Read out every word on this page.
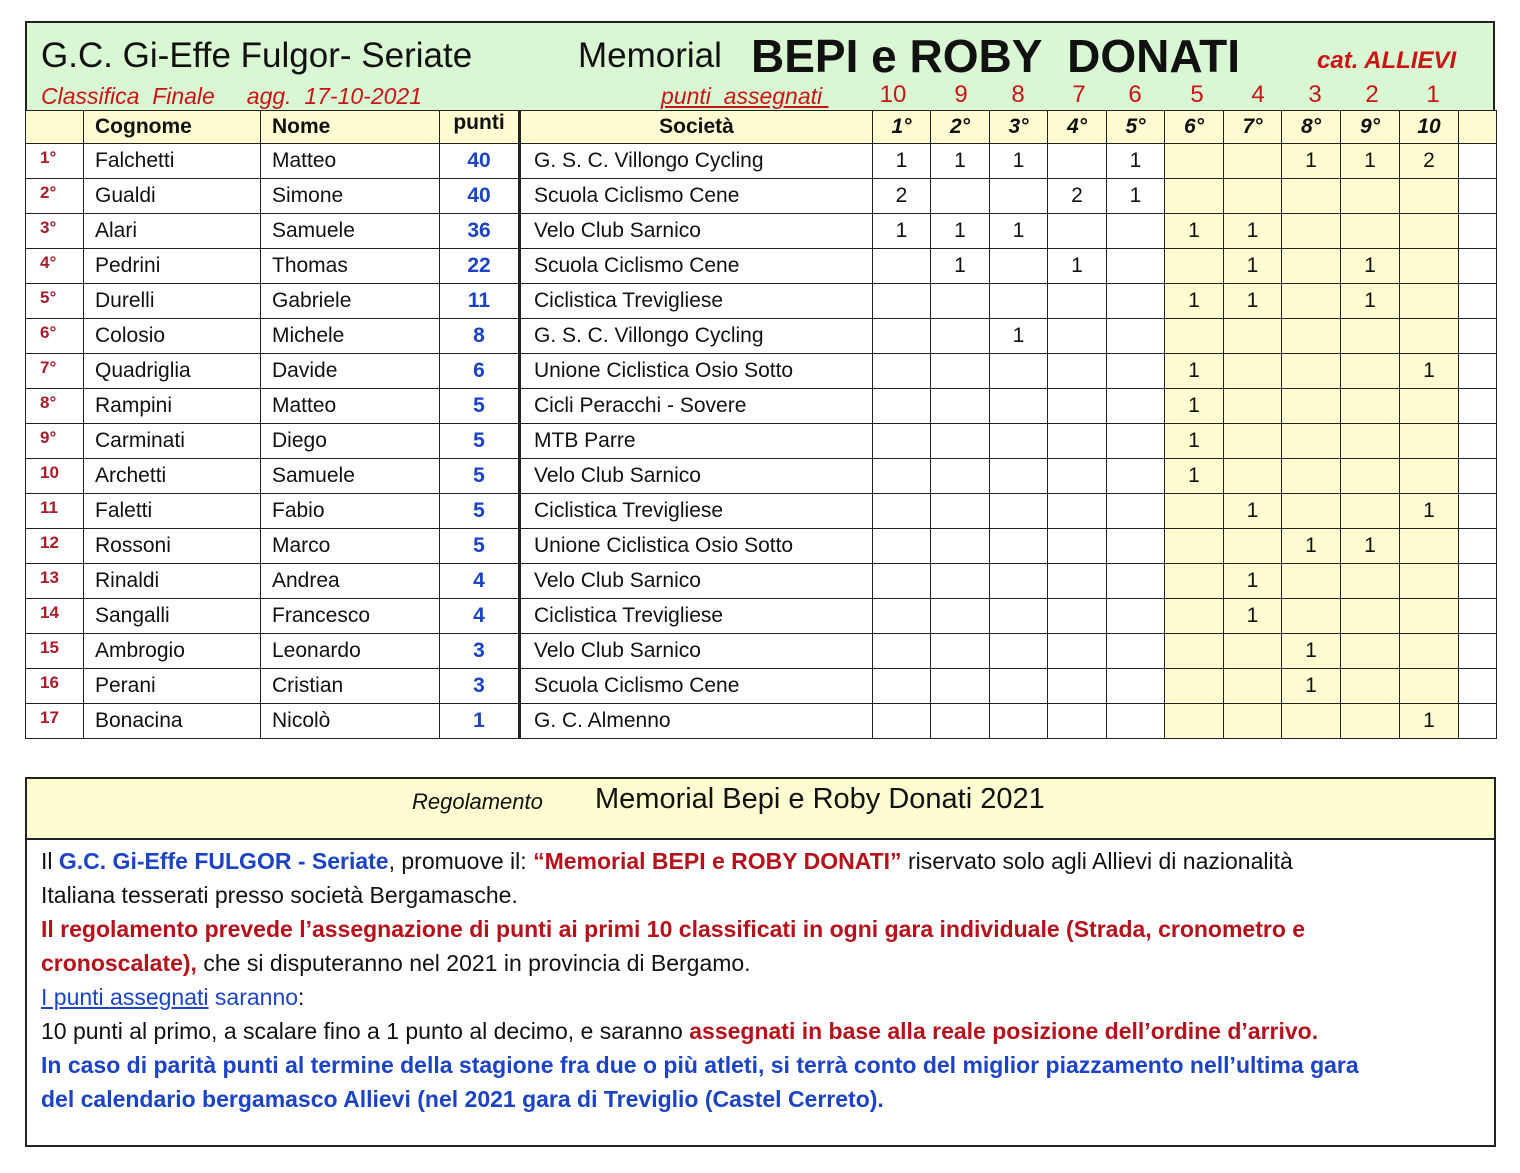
G.C. Gi-Effe Fulgor- Seriate	Memorial BEPI e ROBY  DONATI	cat. ALLIEVI
Classifica  Finale     agg.  17-10-2021	punti  assegnati 10	9	8	7	6	5	4	3	2	1
	Cognome	Nome	punti	Società	1°	2°	3°	4°	5°	6°	7°	8°	9°	10	
1°	Falchetti	Matteo	40	G. S. C. Villongo Cycling	1	1	1		1			1	1	2	
2°	Gualdi	Simone	40	Scuola Ciclismo Cene	2			2	1						
3°	Alari	Samuele	36	Velo Club Sarnico	1	1	1			1	1				
4°	Pedrini	Thomas	22	Scuola Ciclismo Cene		1		1			1		1		
5°	Durelli	Gabriele	11	Ciclistica Trevigliese						1	1		1		
6°	Colosio	Michele	8	G. S. C. Villongo Cycling			1								
7°	Quadriglia	Davide	6	Unione Ciclistica Osio Sotto						1				1	
8°	Rampini	Matteo	5	Cicli Peracchi - Sovere						1					
9°	Carminati	Diego	5	MTB Parre						1					
10	Archetti	Samuele	5	Velo Club Sarnico						1					
11	Faletti	Fabio	5	Ciclistica Trevigliese							1			1	
12	Rossoni	Marco	5	Unione Ciclistica Osio Sotto								1	1		
13	Rinaldi	Andrea	4	Velo Club Sarnico							1				
14	Sangalli	Francesco	4	Ciclistica Trevigliese							1				
15	Ambrogio	Leonardo	3	Velo Club Sarnico								1			
16	Perani	Cristian	3	Scuola Ciclismo Cene								1			
17	Bonacina	Nicolò	1	G. C. Almenno										1	
Regolamento Memorial Bepi e Roby Donati 2021
Il G.C. Gi-Effe FULGOR - Seriate, promuove il: “Memorial BEPI e ROBY DONATI” riservato solo agli Allievi di nazionalità
Italiana tesserati presso società Bergamasche.
Il regolamento prevede l’assegnazione di punti ai primi 10 classificati in ogni gara individuale (Strada, cronometro e
cronoscalate), che si disputeranno nel 2021 in provincia di Bergamo.
I punti assegnati saranno:
10 punti al primo, a scalare fino a 1 punto al decimo, e saranno assegnati in base alla reale posizione dell’ordine d’arrivo.
In caso di parità punti al termine della stagione fra due o più atleti, si terrà conto del miglior piazzamento nell’ultima gara
del calendario bergamasco Allievi (nel 2021 gara di Treviglio (Castel Cerreto).
